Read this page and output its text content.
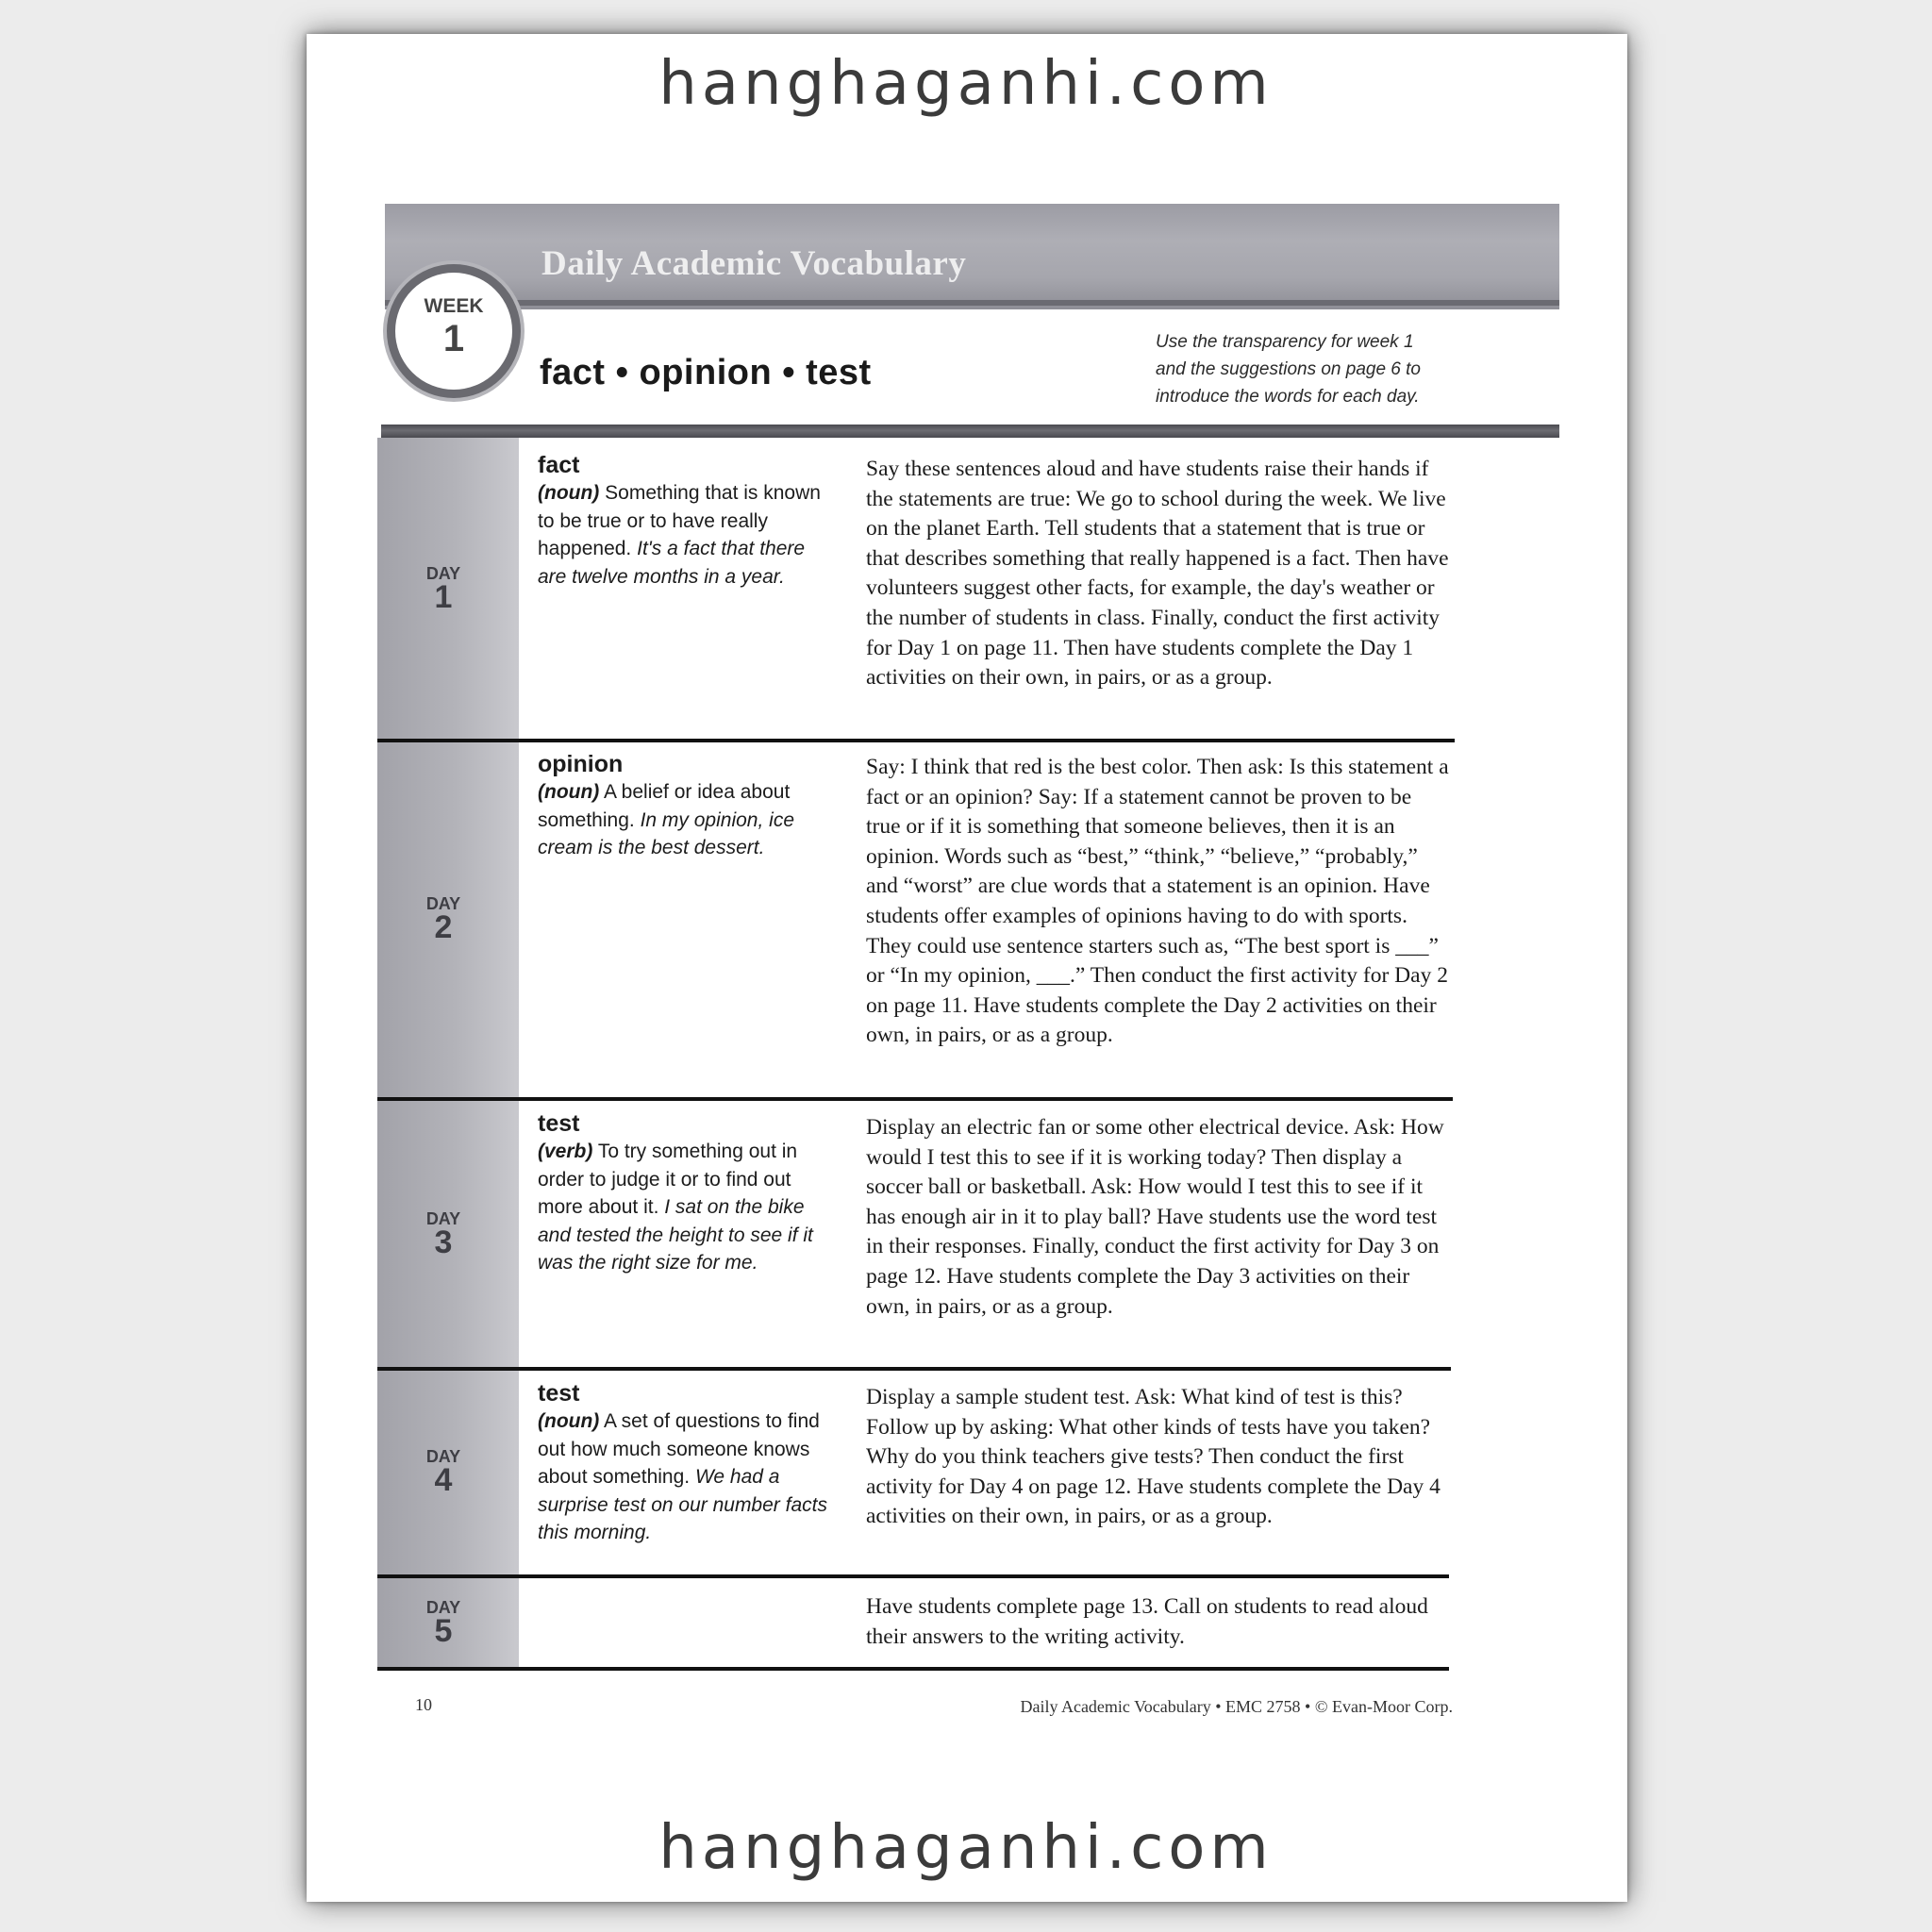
hanghaganhi.com
Daily Academic Vocabulary
WEEK
1
fact • opinion • test
Use the transparency for week 1 and the suggestions on page 6 to introduce the words for each day.
DAY
1
fact
(noun) Something that is known to be true or to have really happened. It's a fact that there are twelve months in a year.
Say these sentences aloud and have students raise their hands if the statements are true: We go to school during the week. We live on the planet Earth. Tell students that a statement that is true or that describes something that really happened is a fact. Then have volunteers suggest other facts, for example, the day's weather or the number of students in class. Finally, conduct the first activity for Day 1 on page 11. Then have students complete the Day 1 activities on their own, in pairs, or as a group.
DAY
2
opinion
(noun) A belief or idea about something. In my opinion, ice cream is the best dessert.
Say: I think that red is the best color. Then ask: Is this statement a fact or an opinion? Say: If a statement cannot be proven to be true or if it is something that someone believes, then it is an opinion. Words such as “best,” “think,” “believe,” “probably,” and “worst” are clue words that a statement is an opinion. Have students offer examples of opinions having to do with sports. They could use sentence starters such as, “The best sport is ___” or “In my opinion, ___.” Then conduct the first activity for Day 2 on page 11. Have students complete the Day 2 activities on their own, in pairs, or as a group.
DAY
3
test
(verb) To try something out in order to judge it or to find out more about it. I sat on the bike and tested the height to see if it was the right size for me.
Display an electric fan or some other electrical device. Ask: How would I test this to see if it is working today? Then display a soccer ball or basketball. Ask: How would I test this to see if it has enough air in it to play ball? Have students use the word test in their responses. Finally, conduct the first activity for Day 3 on page 12. Have students complete the Day 3 activities on their own, in pairs, or as a group.
DAY
4
test
(noun) A set of questions to find out how much someone knows about something. We had a surprise test on our number facts this morning.
Display a sample student test. Ask: What kind of test is this? Follow up by asking: What other kinds of tests have you taken? Why do you think teachers give tests? Then conduct the first activity for Day 4 on page 12. Have students complete the Day 4 activities on their own, in pairs, or as a group.
DAY
5
Have students complete page 13. Call on students to read aloud their answers to the writing activity.
10	Daily Academic Vocabulary • EMC 2758 • © Evan-Moor Corp.
hanghaganhi.com
